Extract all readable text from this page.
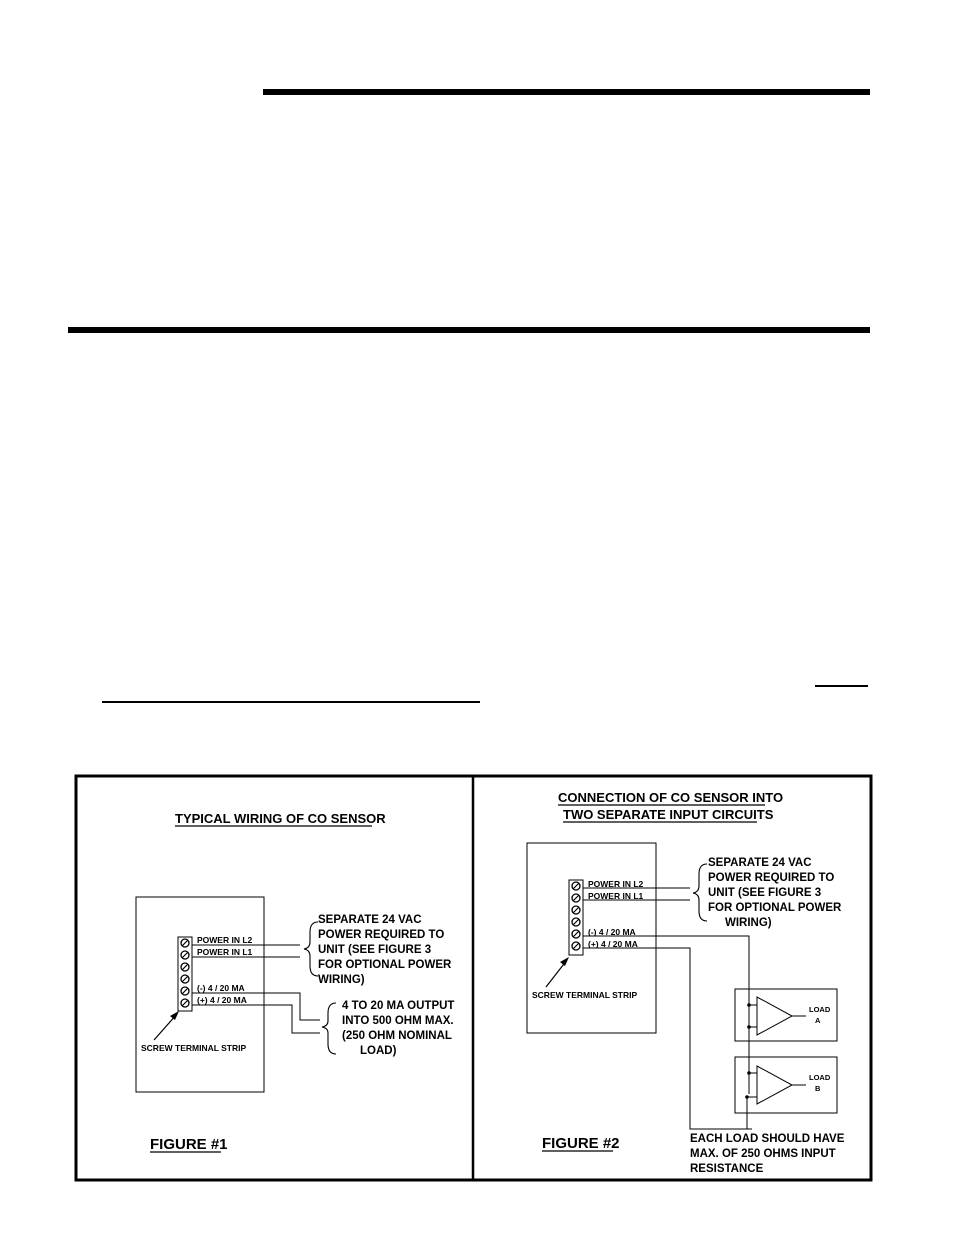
TYPICAL WIRING OF CO SENSOR
POWER IN L2
POWER IN L1
(-) 4 / 20 MA
(+) 4 / 20 MA
SEPARATE 24 VAC
POWER REQUIRED TO
UNIT (SEE FIGURE 3
FOR OPTIONAL POWER
WIRING)
4 TO 20 MA OUTPUT
INTO 500 OHM MAX.
(250 OHM NOMINAL
LOAD)
SCREW TERMINAL STRIP
FIGURE #1
CONNECTION OF CO SENSOR INTO
TWO SEPARATE INPUT CIRCUITS
POWER IN L2
POWER IN L1
(-) 4 / 20 MA
(+) 4 / 20 MA
SEPARATE 24 VAC
POWER REQUIRED TO
UNIT (SEE FIGURE 3
FOR OPTIONAL POWER
WIRING)
LOAD
A
LOAD
B
SCREW TERMINAL STRIP
FIGURE #2	EACH LOAD SHOULD HAVE
MAX. OF 250 OHMS INPUT
RESISTANCE
